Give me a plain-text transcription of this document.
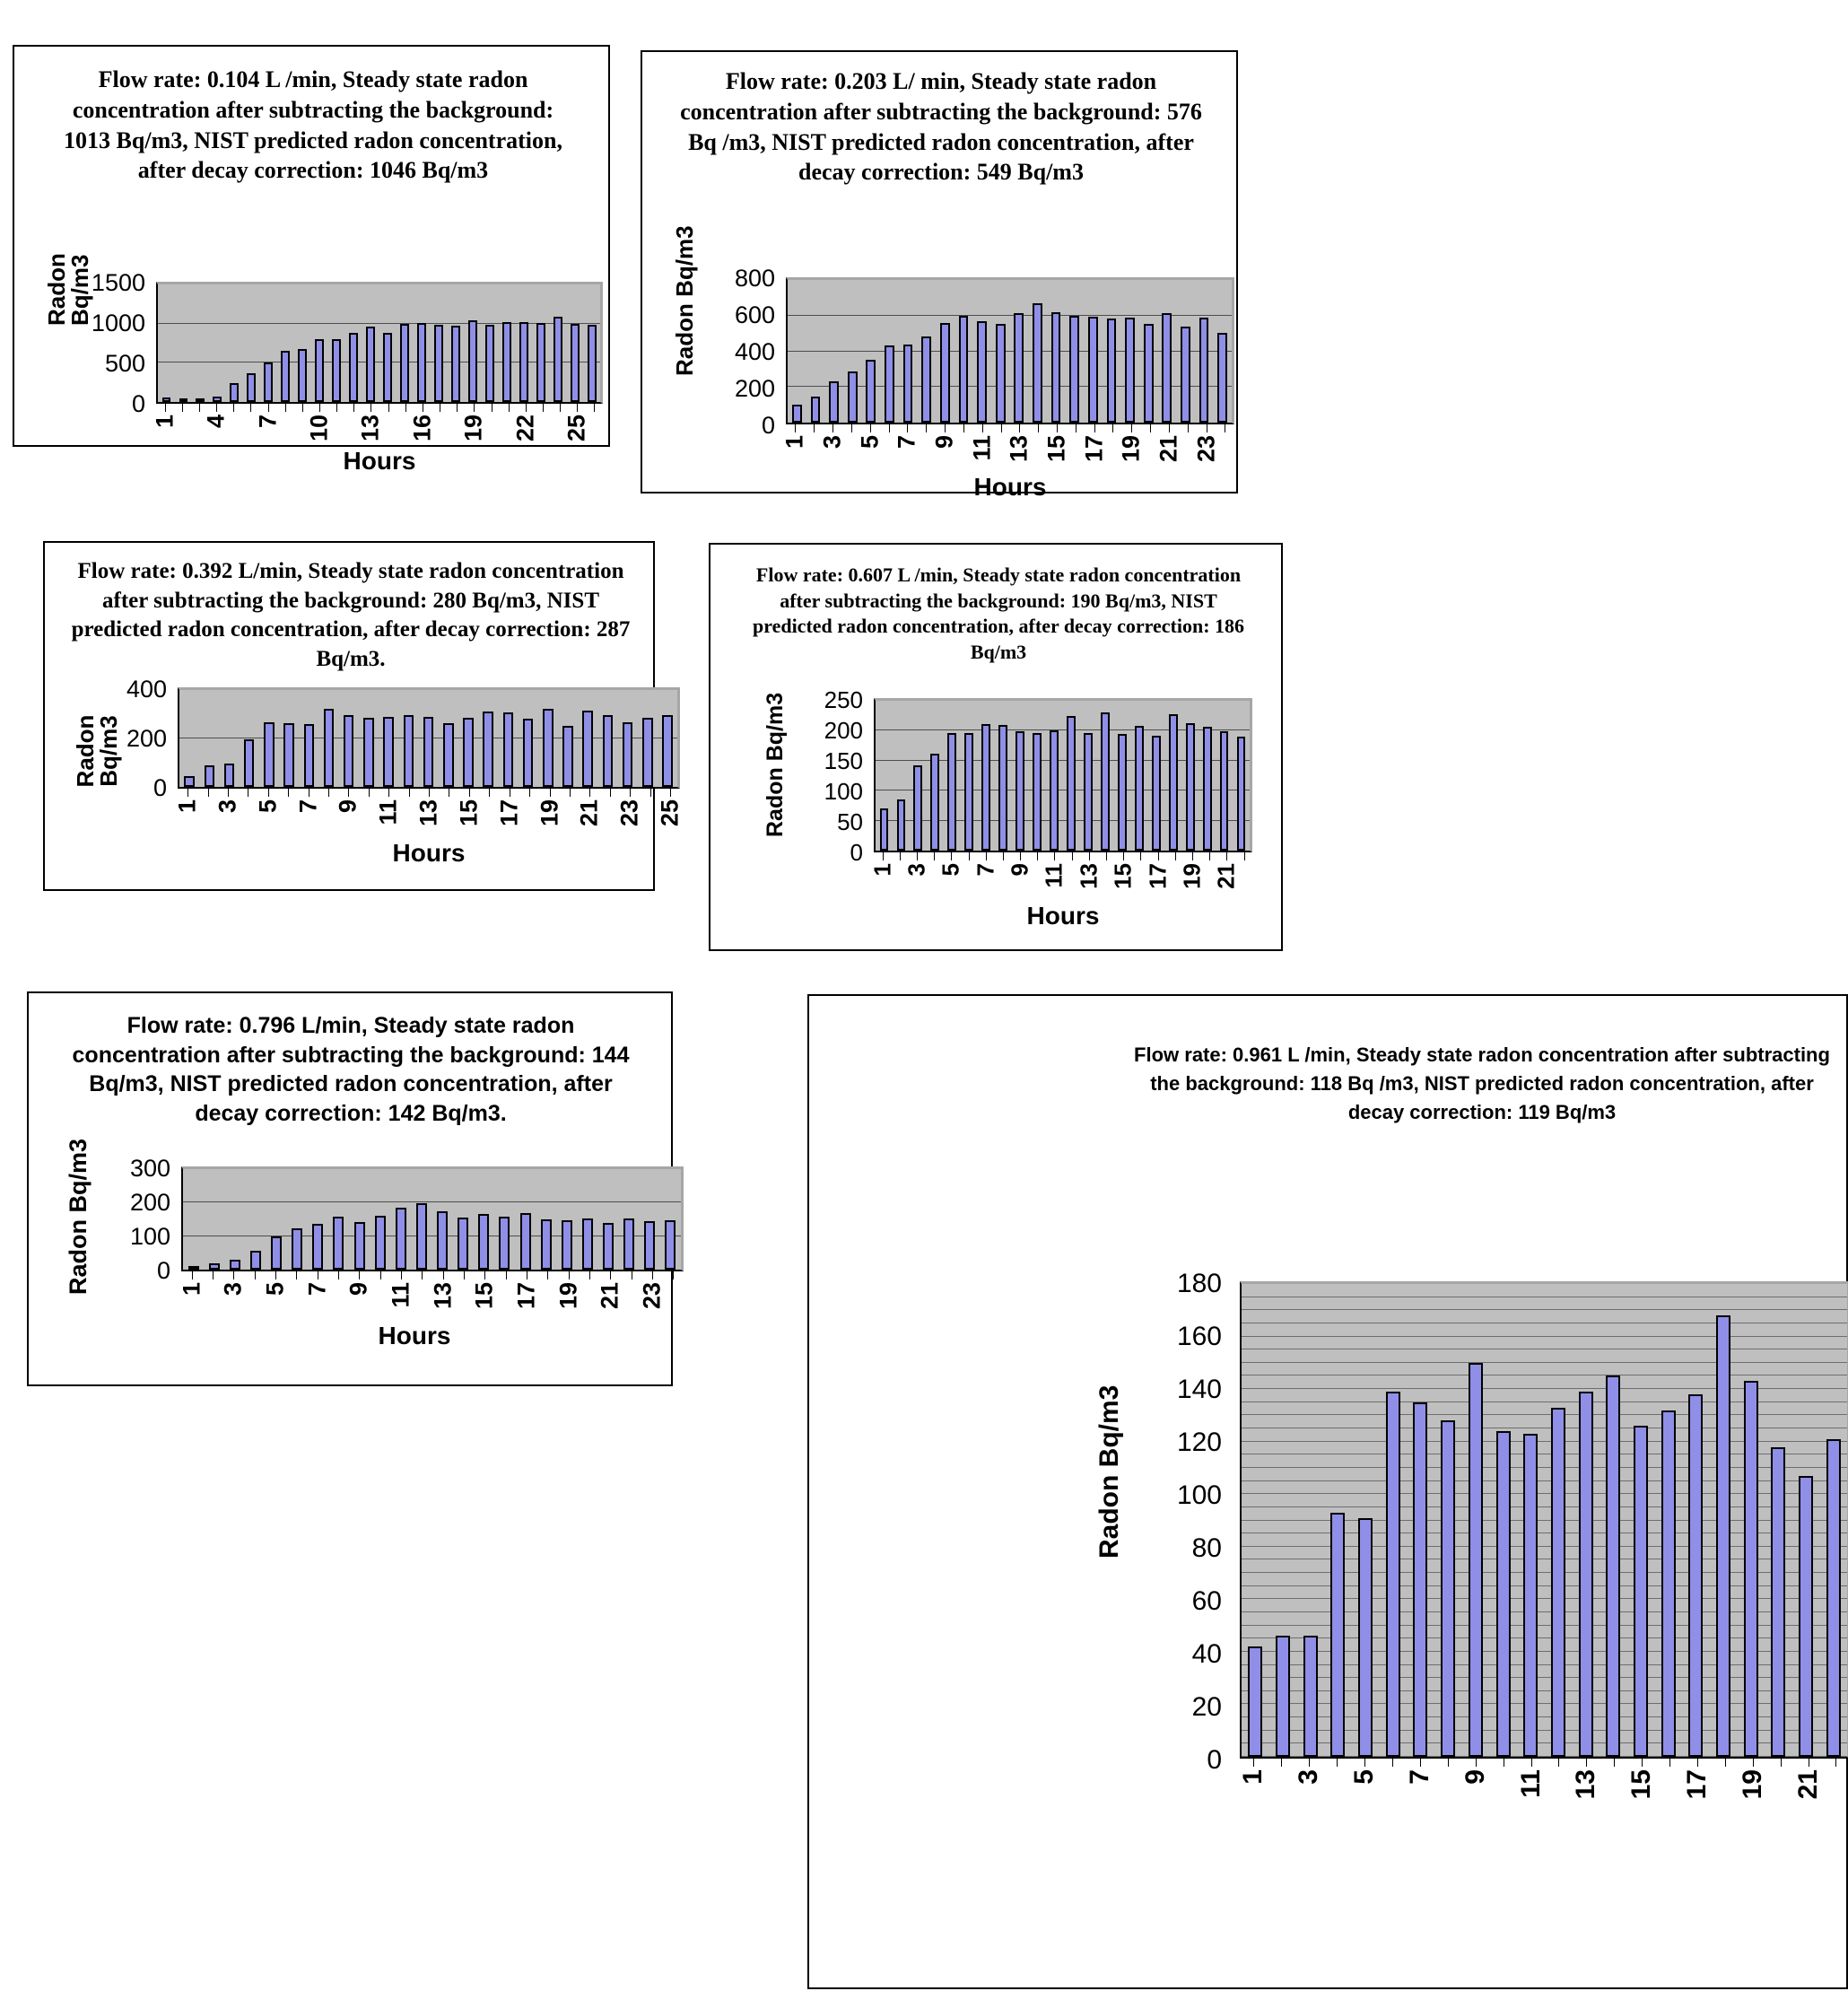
Flow rate: 0.104 L /min, Steady state radon concentration after subtracting the background: 1013 Bq/m3, NIST predicted radon concentration, after decay correction: 1046 Bq/m3
Radon Bq/m3
1500
1000
500
0
1 4 7 10 13 16 19 22 25
Hours
Flow rate: 0.203 L/ min, Steady state radon concentration after subtracting the background: 576 Bq /m3, NIST predicted radon concentration, after decay correction: 549 Bq/m3
Radon Bq/m3	800
600
400
200
0
1 3 5 7 9 11 13 15 17 19 21 23
Hours
Flow rate: 0.392 L/min, Steady state radon concentration after subtracting the background: 280 Bq/m3, NIST predicted radon concentration, after decay correction: 287 Bq/m3.
Radon Bq/m3
400
200
0
1 3 5 7 9 11 13 15 17 19 21 23 25
Hours
Flow rate: 0.607 L /min, Steady state radon concentration after subtracting the background: 190 Bq/m3, NIST predicted radon concentration, after decay correction: 186 Bq/m3
Radon Bq/m3	250
200
150
100
50
0
1 3 5 7 9 11 13 15 17 19 21
Hours
Flow rate: 0.796 L/min, Steady state radon concentration after subtracting the background: 144 Bq/m3, NIST predicted radon concentration, after decay correction: 142 Bq/m3.
Radon Bq/m3	300
200
100
0
1 3 5 7 9 11 13 15 17 19 21 23
Hours
Flow rate: 0.961 L /min, Steady state radon concentration after subtracting the background: 118 Bq /m3, NIST predicted radon concentration, after decay correction: 119 Bq/m3
Radon Bq/m3
180
160
140
120
100
80
60
40
20
0
1 3 5 7 9 11 13 15 17 19 21
